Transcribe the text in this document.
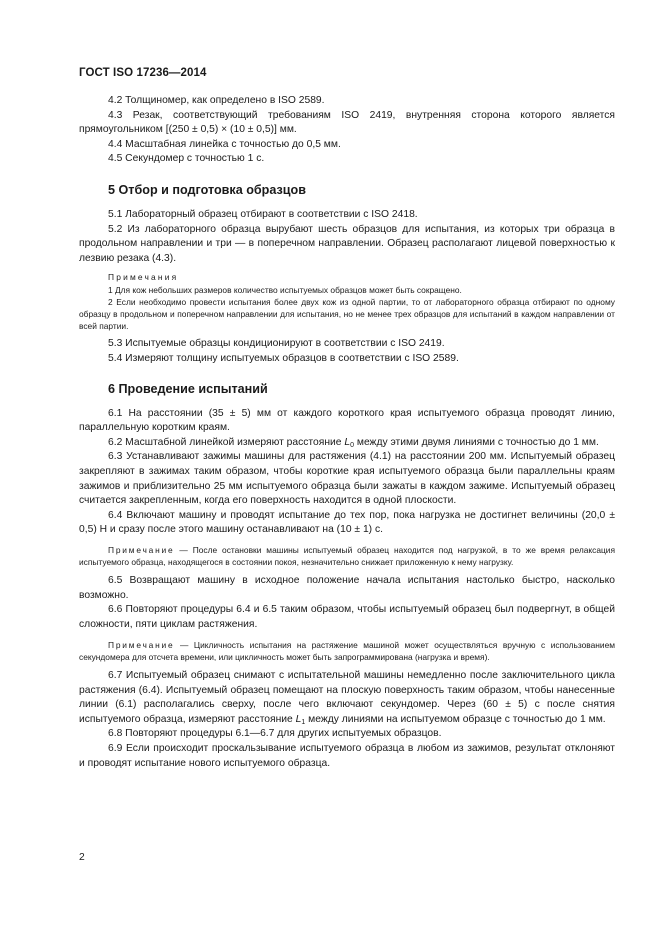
ГОСТ ISO 17236—2014

4.2 Толщиномер, как определено в ISO 2589.

4.3 Резак, соответствующий требованиям ISO 2419, внутренняя сторона которого является прямоугольником [(250 ± 0,5) × (10 ± 0,5)] мм.

4.4 Масштабная линейка с точностью до 0,5 мм.

4.5 Секундомер с точностью 1 с.

5 Отбор и подготовка образцов

5.1 Лабораторный образец отбирают в соответствии с ISO 2418.

5.2 Из лабораторного образца вырубают шесть образцов для испытания, из которых три образца в продольном направлении и три — в поперечном направлении. Образец располагают лицевой поверхностью к лезвию резака (4.3).

Примечания

1 Для кож небольших размеров количество испытуемых образцов может быть сокращено.

2 Если необходимо провести испытания более двух кож из одной партии, то от лабораторного образца отбирают по одному образцу в продольном и поперечном направлении для испытания, но не менее трех образцов для испытаний в каждом направлении от всей партии.

5.3 Испытуемые образцы кондиционируют в соответствии с ISO 2419.

5.4 Измеряют толщину испытуемых образцов в соответствии с ISO 2589.

6 Проведение испытаний

6.1 На расстоянии (35 ± 5) мм от каждого короткого края испытуемого образца проводят линию, параллельную коротким краям.

6.2 Масштабной линейкой измеряют расстояние $L_0$ между этими двумя линиями с точностью до 1 мм.

6.3 Устанавливают зажимы машины для растяжения (4.1) на расстоянии 200 мм. Испытуемый образец закрепляют в зажимах таким образом, чтобы короткие края испытуемого образца были параллельны краям зажимов и приблизительно 25 мм испытуемого образца были зажаты в каждом зажиме. Испытуемый образец считается закрепленным, когда его поверхность находится в одной плоскости.

6.4 Включают машину и проводят испытание до тех пор, пока нагрузка не достигнет величины (20,0 ± 0,5) Н и сразу после этого машину останавливают на (10 ± 1) с.

Примечание — После остановки машины испытуемый образец находится под нагрузкой, в то же время релаксация испытуемого образца, находящегося в состоянии покоя, незначительно снижает приложенную к нему нагрузку.

6.5 Возвращают машину в исходное положение начала испытания настолько быстро, насколько возможно.

6.6 Повторяют процедуры 6.4 и 6.5 таким образом, чтобы испытуемый образец был подвергнут, в общей сложности, пяти циклам растяжения.

Примечание — Цикличность испытания на растяжение машиной может осуществляться вручную с использованием секундомера для отсчета времени, или цикличность может быть запрограммирована (нагрузка и время).

6.7 Испытуемый образец снимают с испытательной машины немедленно после заключительного цикла растяжения (6.4). Испытуемый образец помещают на плоскую поверхность таким образом, чтобы нанесенные линии (6.1) располагались сверху, после чего включают секундомер. Через (60 ± 5) с после снятия испытуемого образца, измеряют расстояние $L_1$ между линиями на испытуемом образце с точностью до 1 мм.

6.8 Повторяют процедуры 6.1—6.7 для других испытуемых образцов.

6.9 Если происходит проскальзывание испытуемого образца в любом из зажимов, результат отклоняют и проводят испытание нового испытуемого образца.

2
